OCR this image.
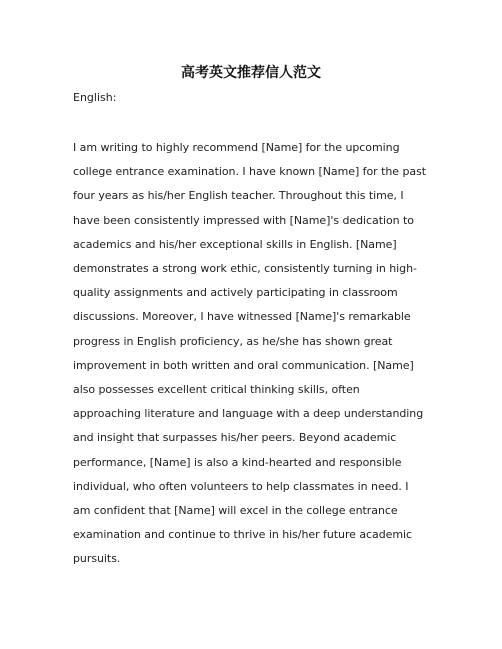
高考英文推荐信人范文
English:

I am writing to highly recommend [Name] for the upcoming college entrance examination. I have known [Name] for the past four years as his/her English teacher. Throughout this time, I have been consistently impressed with [Name]'s dedication to academics and his/her exceptional skills in English. [Name] demonstrates a strong work ethic, consistently turning in high-quality assignments and actively participating in classroom discussions. Moreover, I have witnessed [Name]'s remarkable progress in English proficiency, as he/she has shown great improvement in both written and oral communication. [Name] also possesses excellent critical thinking skills, often approaching literature and language with a deep understanding and insight that surpasses his/her peers. Beyond academic performance, [Name] is also a kind-hearted and responsible individual, who often volunteers to help classmates in need. I am confident that [Name] will excel in the college entrance examination and continue to thrive in his/her future academic pursuits.
